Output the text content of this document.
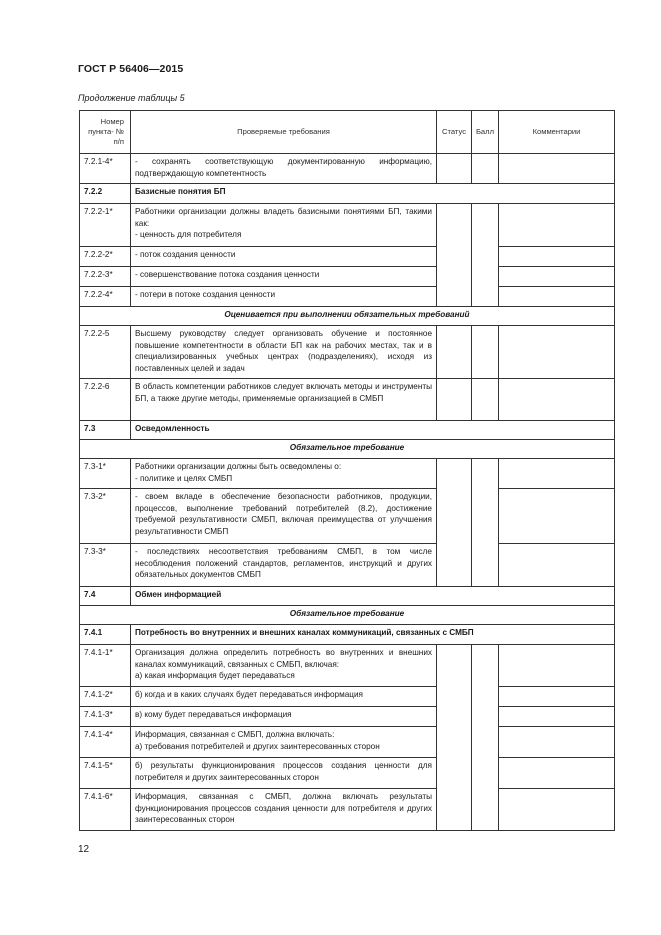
ГОСТ Р 56406—2015
Продолжение таблицы 5
Номер пункта- № п/п	Проверяемые требования	Статус	Балл	Комментарии
7.2.1-4*	- сохранять соответствующую документированную информацию, подтверждающую компетентность			
7.2.2	Базисные понятия БП			
7.2.2-1*	Работники организации должны владеть базисными понятиями БП, такими как:
- ценность для потребителя			
7.2.2-2*	- поток создания ценности			
7.2.2-3*	- совершенствование потока создания ценности			
7.2.2-4*	- потери в потоке создания ценности			
Оценивается при выполнении обязательных требований				
7.2.2-5	Высшему руководству следует организовать обучение и постоянное повышение компетентности в области БП как на рабочих местах, так и в специализированных учебных центрах (подразделениях), исходя из поставленных целей и задач			
7.2.2-6	В область компетенции работников следует включать методы и инструменты БП, а также другие методы, применяемые организацией в СМБП			
7.3	Осведомленность			
Обязательное требование				
7.3-1*	Работники организации должны быть осведомлены о:
- политике и целях СМБП			
7.3-2*	- своем вкладе в обеспечение безопасности работников, продукции, процессов, выполнение требований потребителей (8.2), достижение требуемой результативности СМБП, включая преимущества от улучшения результативности СМБП			
7.3-3*	- последствиях несоответствия требованиям СМБП, в том числе несоблюдения положений стандартов, регламентов, инструкций и других обязательных документов СМБП			
7.4	Обмен информацией			
Обязательное требование				
7.4.1	Потребность во внутренних и внешних каналах коммуникаций, связанных с СМБП			
7.4.1-1*	Организация должна определить потребность во внутренних и внешних каналах коммуникаций, связанных с СМБП, включая:
а) какая информация будет передаваться			
7.4.1-2*	б) когда и в каких случаях будет передаваться информация			
7.4.1-3*	в) кому будет передаваться информация			
7.4.1-4*	Информация, связанная с СМБП, должна включать:
а) требования потребителей и других заинтересованных сторон			
7.4.1-5*	б) результаты функционирования процессов создания ценности для потребителя и других заинтересованных сторон			
7.4.1-6*	Информация, связанная с СМБП, должна включать результаты функционирования процессов создания ценности для потребителя и других заинтересованных сторон			
12
